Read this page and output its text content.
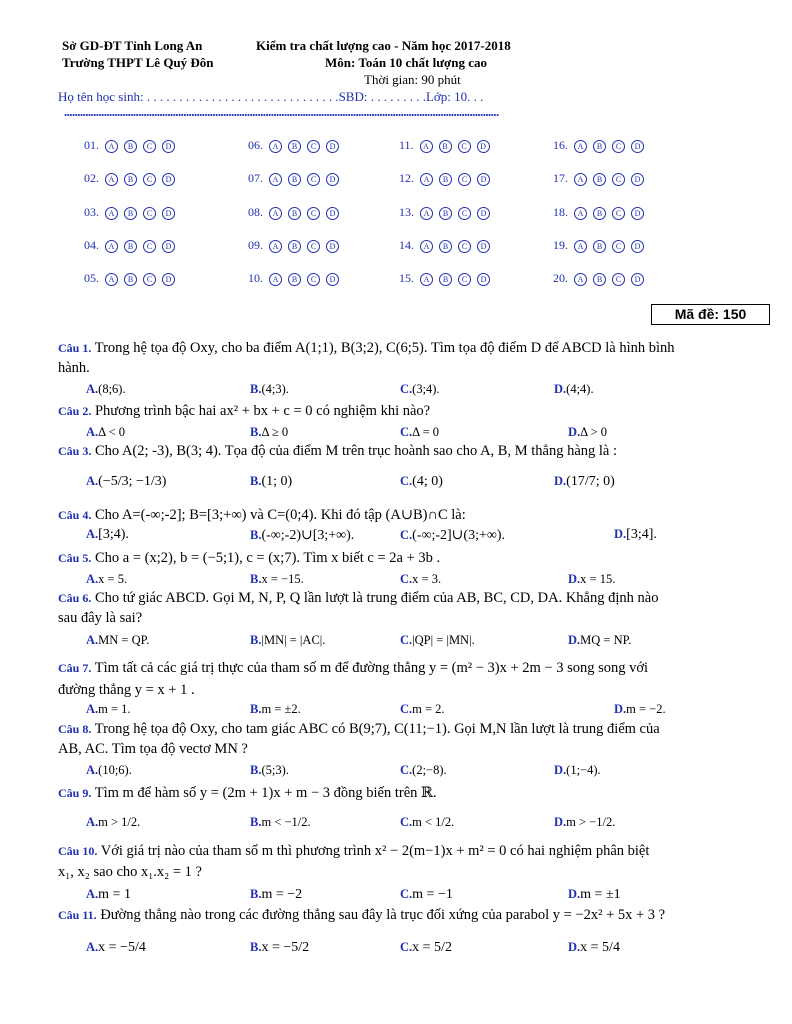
Sở GD-ĐT Tỉnh Long An
Trường THPT Lê Quý Đôn
Kiểm tra chất lượng cao - Năm học 2017-2018
Môn: Toán 10 chất lượng cao
Thời gian: 90 phút
Họ tên học sinh: . . . . . . . . . . . . . . . . . . . . . . . . . . . . . .SBD: . . . . . . . . .Lớp: 10. . .
....................................................................................................................................................................
01. A B C D
02. A B C D
03. A B C D
04. A B C D
05. A B C D
06. A B C D
07. A B C D
08. A B C D
09. A B C D
10. A B C D
11. A B C D
12. A B C D
13. A B C D
14. A B C D
15. A B C D
16. A B C D
17. A B C D
18. A B C D
19. A B C D
20. A B C D
Mã đề: 150
Câu 1. Trong hệ tọa độ Oxy, cho ba điểm A(1;1), B(3;2), C(6;5). Tìm tọa độ điểm D để ABCD là hình bình
hành.
A.(8;6).	B.(4;3).	C.(3;4).	D.(4;4).
Câu 2. Phương trình bậc hai ax² + bx + c = 0 có nghiệm khi nào?
A.Δ < 0	B.Δ ≥ 0	C.Δ = 0	D.Δ > 0
Câu 3. Cho A(2; -3), B(3; 4). Tọa độ của điểm M trên trục hoành sao cho A, B, M thẳng hàng là :
A.(−5/3; −1/3)	B.(1; 0)	C.(4; 0)	D.(17/7; 0)
Câu 4. Cho A=(-∞;-2]; B=[3;+∞) và C=(0;4). Khi đó tập (A∪B)∩C là:
A.[3;4).	B.(-∞;-2)∪[3;+∞).	C.(-∞;-2]∪(3;+∞).	D.[3;4].
Câu 5. Cho a = (x;2), b = (−5;1), c = (x;7). Tìm x biết c = 2a + 3b .
A.x = 5.	B.x = −15.	C.x = 3.	D.x = 15.
Câu 6. Cho tứ giác ABCD. Gọi M, N, P, Q lần lượt là trung điểm của AB, BC, CD, DA. Khẳng định nào
sau đây là sai?
A.MN = QP.	B.|MN| = |AC|.	C.|QP| = |MN|.	D.MQ = NP.
Câu 7. Tìm tất cả các giá trị thực của tham số m để đường thẳng y = (m² − 3)x + 2m − 3 song song với
đường thẳng y = x + 1 .
A.m = 1.	B.m = ±2.	C.m = 2.	D.m = −2.
Câu 8. Trong hệ tọa độ Oxy, cho tam giác ABC có B(9;7), C(11;−1). Gọi M,N lần lượt là trung điểm của
AB, AC. Tìm tọa độ vectơ MN ?
A.(10;6).	B.(5;3).	C.(2;−8).	D.(1;−4).
Câu 9. Tìm m để hàm số y = (2m + 1)x + m − 3 đồng biến trên ℝ.
A.m > 1/2.	B.m < −1/2.	C.m < 1/2.	D.m > −1/2.
Câu 10. Với giá trị nào của tham số m thì phương trình x² − 2(m−1)x + m² = 0 có hai nghiệm phân biệt
x₁, x₂ sao cho x₁.x₂ = 1 ?
A.m = 1	B.m = −2	C.m = −1	D.m = ±1
Câu 11. Đường thẳng nào trong các đường thẳng sau đây là trục đối xứng của parabol y = −2x² + 5x + 3 ?
A.x = −5/4	B.x = −5/2	C.x = 5/2	D.x = 5/4
